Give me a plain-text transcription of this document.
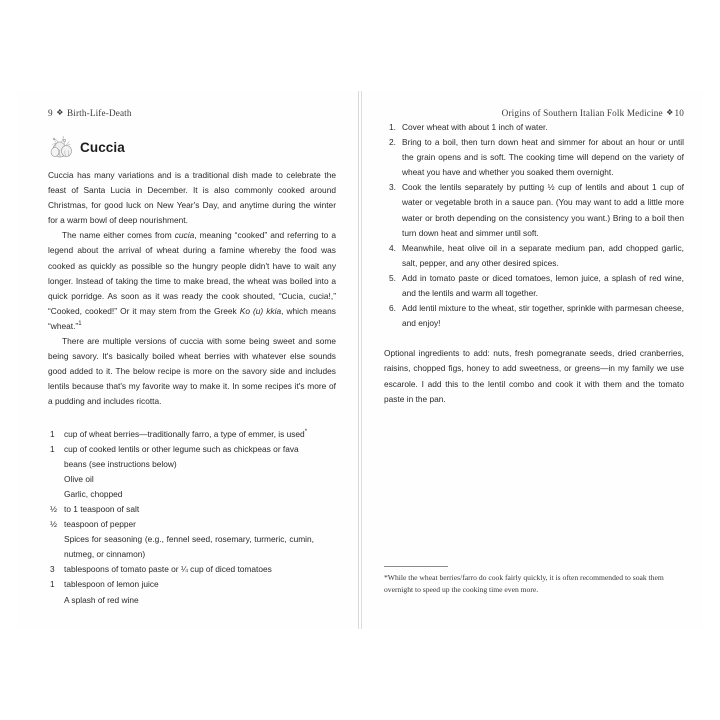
9 ❖ Birth-Life-Death
Cuccia

Cuccia has many variations and is a traditional dish made to celebrate the feast of Santa Lucia in December. It is also commonly cooked around Christmas, for good luck on New Year's Day, and anytime during the winter for a warm bowl of deep nourishment.

The name either comes from cucia, meaning “cooked” and referring to a legend about the arrival of wheat during a famine whereby the food was cooked as quickly as possible so the hungry people didn't have to wait any longer. Instead of taking the time to make bread, the wheat was boiled into a quick porridge. As soon as it was ready the cook shouted, “Cucia, cucia!,” “Cooked, cooked!” Or it may stem from the Greek Ko (u) kkia, which means “wheat.”$^1$

There are multiple versions of cuccia with some being sweet and some being savory. It's basically boiled wheat berries with whatever else sounds good added to it. The below recipe is more on the savory side and includes lentils because that's my favorite way to make it. In some recipes it's more of a pudding and includes ricotta.

1	cup of wheat berries—traditionally farro, a type of emmer, is used*
1	cup of cooked lentils or other legume such as chickpeas or fava beans (see instructions below)
Olive oil
Garlic, chopped
½ to 1 teaspoon of salt
½ teaspoon of pepper
Spices for seasoning (e.g., fennel seed, rosemary, turmeric, cumin, nutmeg, or cinnamon)
3	tablespoons of tomato paste or ¼ cup of diced tomatoes
1	tablespoon of lemon juice
A splash of red wine
Origins of Southern Italian Folk Medicine ❖10
1. Cover wheat with about 1 inch of water.
2. Bring to a boil, then turn down heat and simmer for about an hour or until the grain opens and is soft. The cooking time will depend on the variety of wheat you have and whether you soaked them overnight.
3. Cook the lentils separately by putting ½ cup of lentils and about 1 cup of water or vegetable broth in a sauce pan. (You may want to add a little more water or broth depending on the consistency you want.) Bring to a boil then turn down heat and simmer until soft.
4. Meanwhile, heat olive oil in a separate medium pan, add chopped garlic, salt, pepper, and any other desired spices.
5. Add in tomato paste or diced tomatoes, lemon juice, a splash of red wine, and the lentils and warm all together.
6. Add lentil mixture to the wheat, stir together, sprinkle with parmesan cheese, and enjoy!

Optional ingredients to add: nuts, fresh pomegranate seeds, dried cranberries, raisins, chopped figs, honey to add sweetness, or greens—in my family we use escarole. I add this to the lentil combo and cook it with them and the tomato paste in the pan.

*While the wheat berries/farro do cook fairly quickly, it is often recommended to soak them overnight to speed up the cooking time even more.
